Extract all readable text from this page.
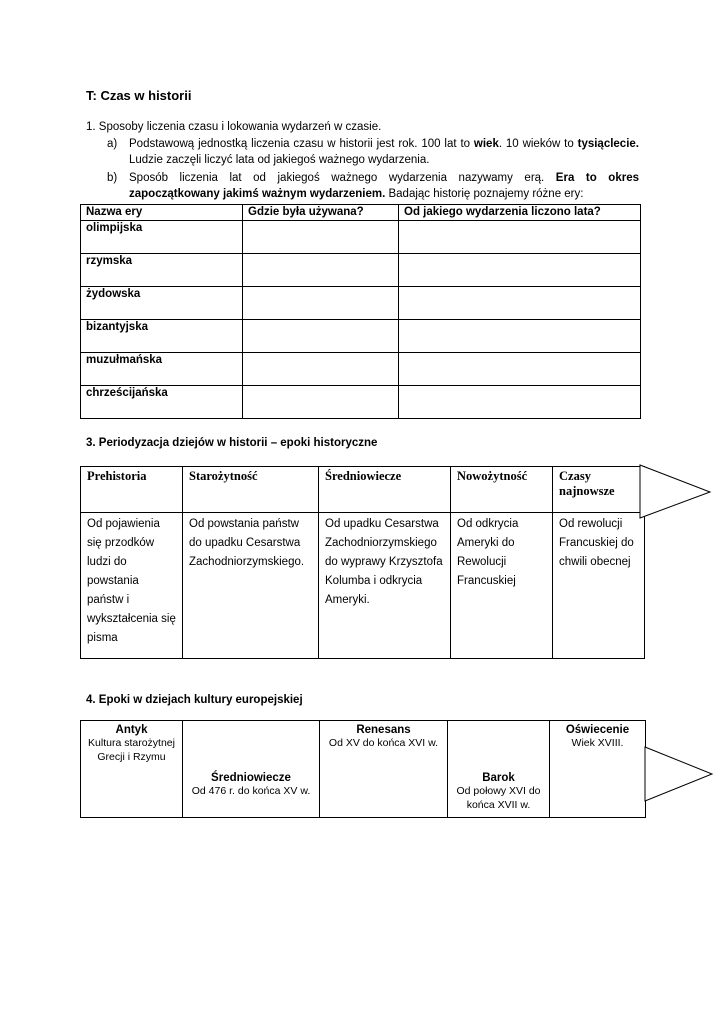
T: Czas w historii
1. Sposoby liczenia czasu i lokowania wydarzeń w czasie.
a) Podstawową jednostką liczenia czasu w historii jest rok. 100 lat to wiek. 10 wieków to tysiąclecie. Ludzie zaczęli liczyć lata od jakiegoś ważnego wydarzenia.
b) Sposób liczenia lat od jakiegoś ważnego wydarzenia nazywamy erą. Era to okres zapoczątkowany jakimś ważnym wydarzeniem. Badając historię poznajemy różne ery:
Nazwa ery	Gdzie była używana?	Od jakiego wydarzenia liczono lata?
olimpijska		
rzymska		
żydowska		
bizantyjska		
muzułmańska		
chrześcijańska		
3. Periodyzacja dziejów w historii – epoki historyczne
Prehistoria	Starożytność	Średniowiecze	Nowożytność	Czasy najnowsze
Od pojawienia się przodków ludzi do powstania państw i wykształcenia się pisma	Od powstania państw do upadku Cesarstwa Zachodniorzymskiego.	Od upadku Cesarstwa Zachodniorzymskiego do wyprawy Krzysztofa Kolumba i odkrycia Ameryki.	Od odkrycia Ameryki do Rewolucji Francuskiej	Od rewolucji Francuskiej do chwili obecnej
4. Epoki w dziejach kultury europejskiej
Antyk
Kultura starożytnej Grecji i Rzymu

Średniowiecze
Od 476 r. do końca XV w.

Renesans
Od XV do końca XVI w.

Barok
Od połowy XVI do końca XVII w.

Oświecenie
Wiek XVIII.
